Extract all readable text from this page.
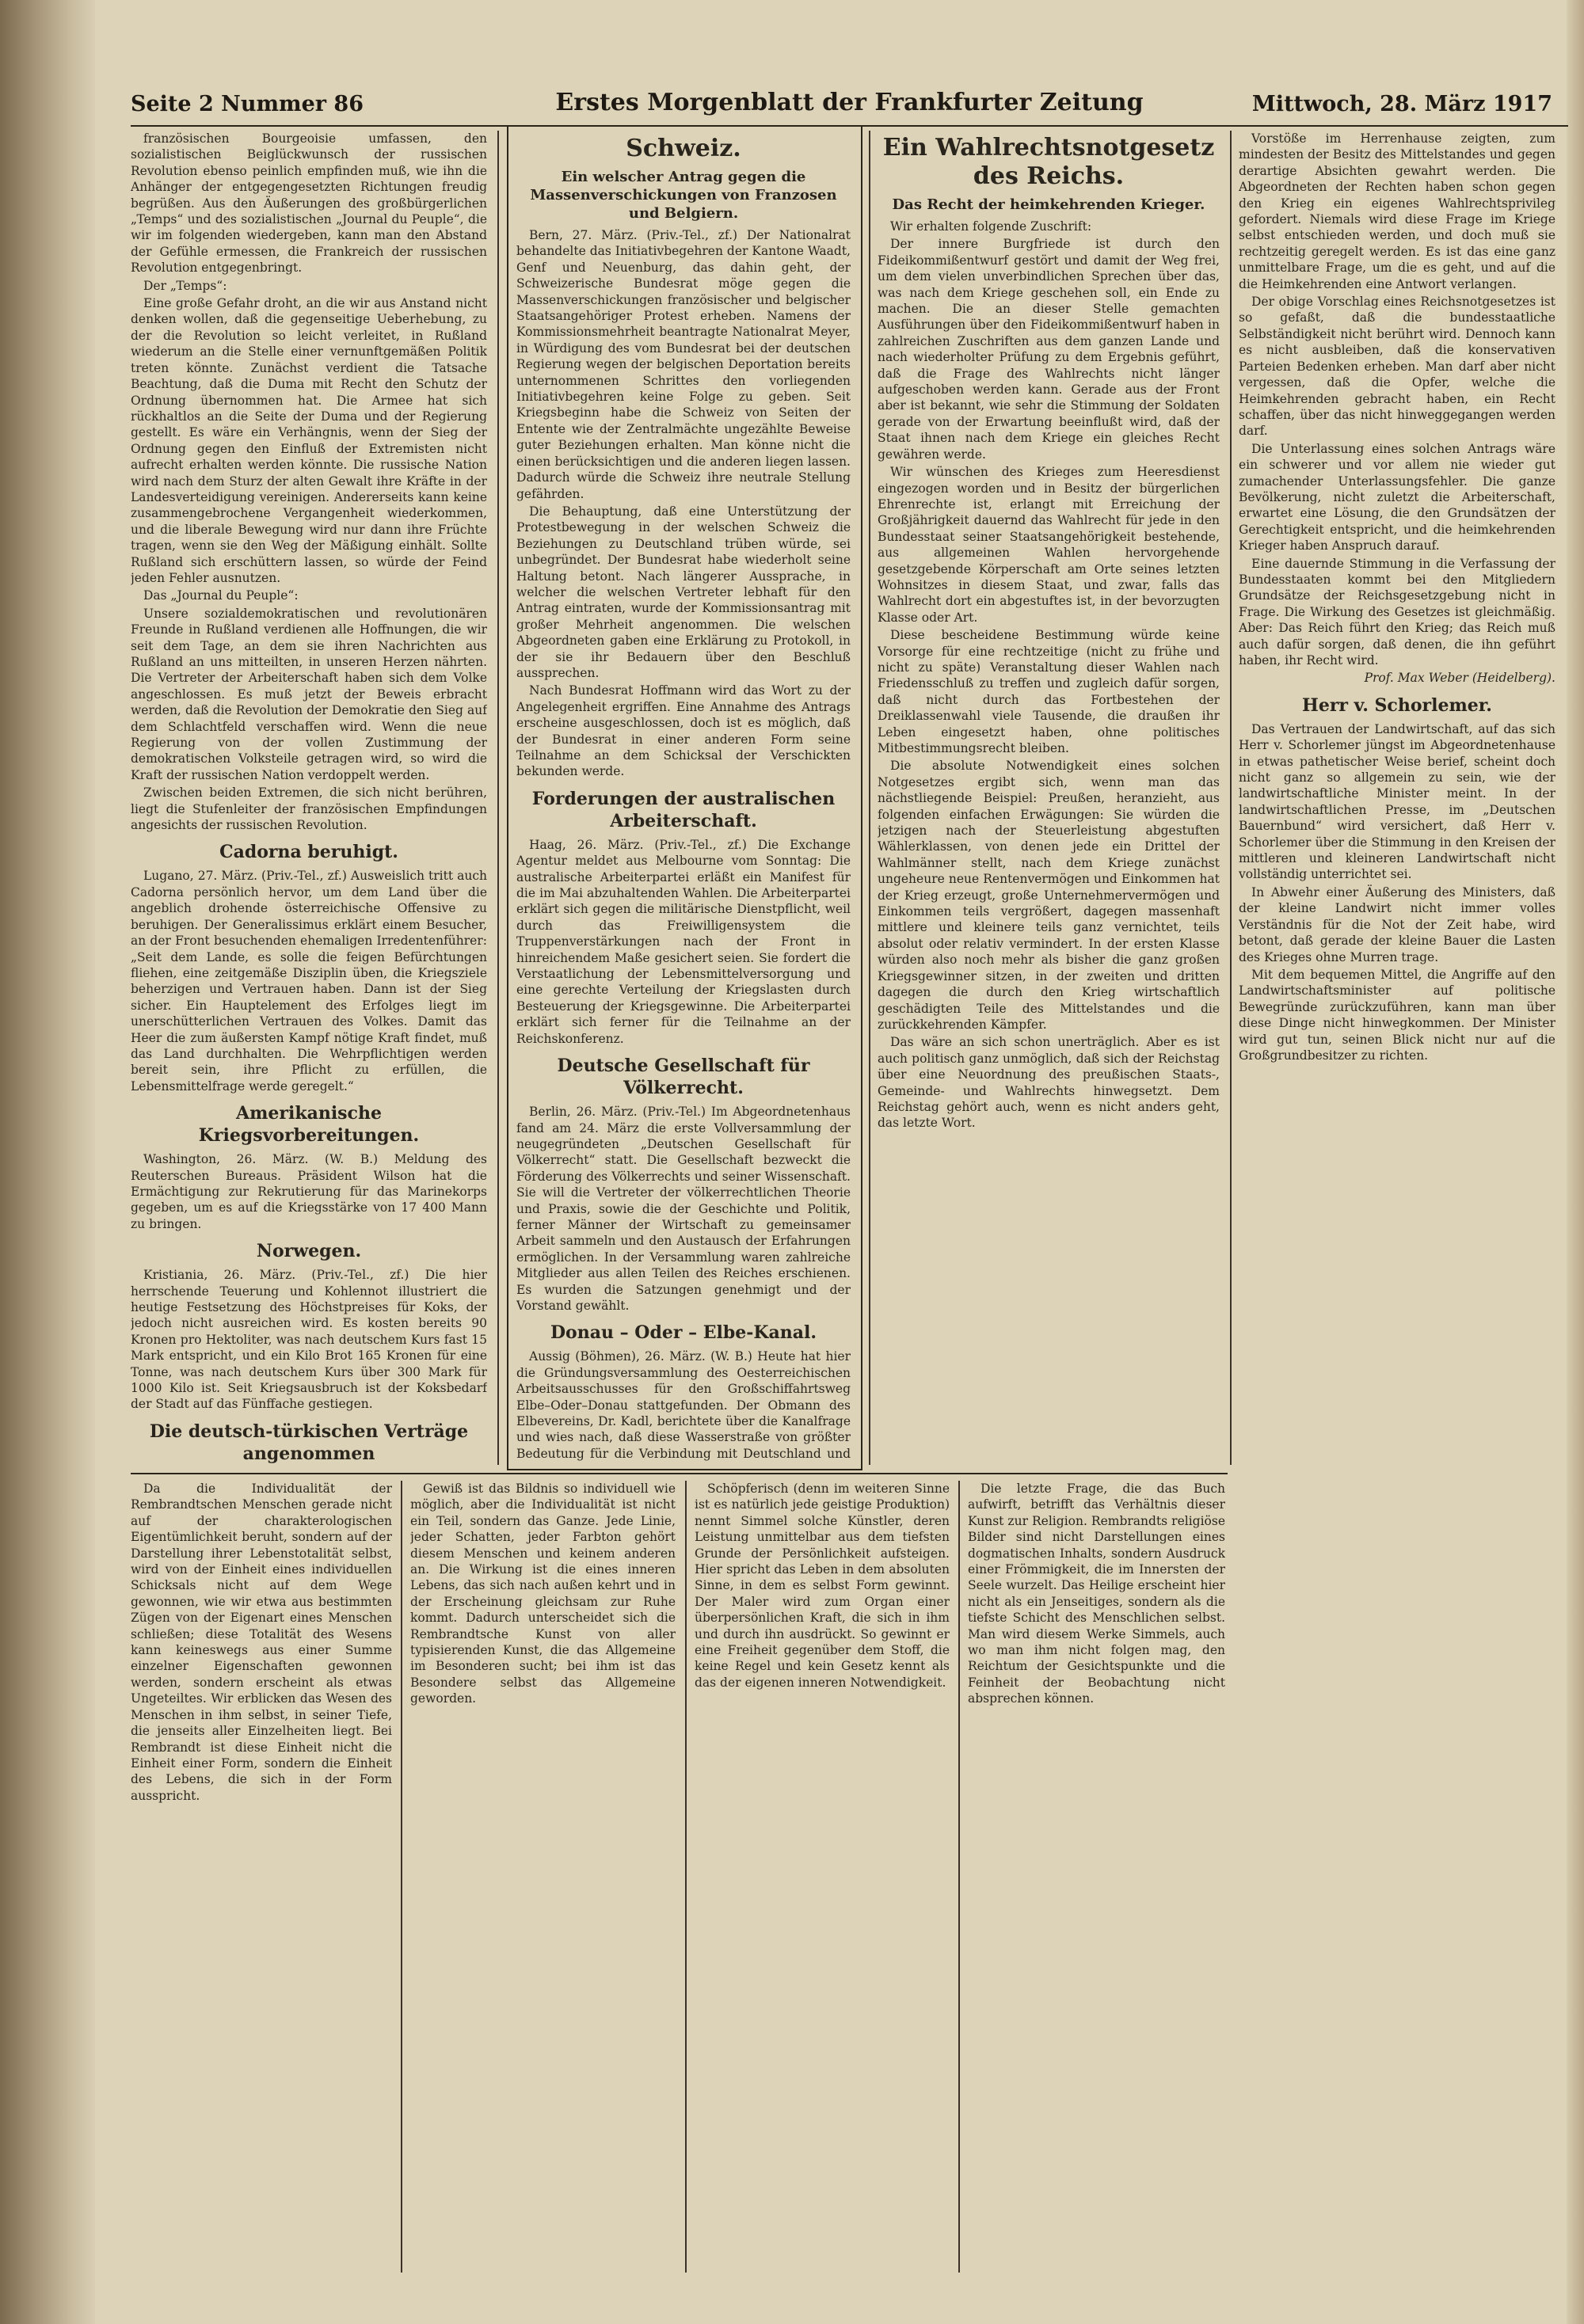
Seite 2 Nummer 86	Erstes Morgenblatt der Frankfurter Zeitung	Mittwoch, 28. März 1917

französischen Bourgeoisie umfassen, den sozialistischen Beiglückwunsch der russischen Revolution ebenso peinlich empfinden muß, wie ihn die Anhänger der entgegengesetzten Richtungen freudig begrüßen. Aus den Äußerungen des großbürgerlichen „Temps“ und des sozialistischen „Journal du Peuple“, die wir im folgenden wiedergeben, kann man den Abstand der Gefühle ermessen, die Frankreich der russischen Revolution entgegenbringt.

Der „Temps“:

Eine große Gefahr droht, an die wir aus Anstand nicht denken wollen, daß die gegenseitige Ueberhebung, zu der die Revolution so leicht verleitet, in Rußland wiederum an die Stelle einer vernunftgemäßen Politik treten könnte. Zunächst verdient die Tatsache Beachtung, daß die Duma mit Recht den Schutz der Ordnung übernommen hat. Die Armee hat sich rückhaltlos an die Seite der Duma und der Regierung gestellt. Es wäre ein Verhängnis, wenn der Sieg der Ordnung gegen den Einfluß der Extremisten nicht aufrecht erhalten werden könnte. Die russische Nation wird nach dem Sturz der alten Gewalt ihre Kräfte in der Landesverteidigung vereinigen. Andererseits kann keine zusammengebrochene Vergangenheit wiederkommen, und die liberale Bewegung wird nur dann ihre Früchte tragen, wenn sie den Weg der Mäßigung einhält. Sollte Rußland sich erschüttern lassen, so würde der Feind jeden Fehler ausnutzen.

Das „Journal du Peuple“:

Unsere sozialdemokratischen und revolutionären Freunde in Rußland verdienen alle Hoffnungen, die wir seit dem Tage, an dem sie ihren Nachrichten aus Rußland an uns mitteilten, in unseren Herzen nährten. Die Vertreter der Arbeiterschaft haben sich dem Volke angeschlossen. Es muß jetzt der Beweis erbracht werden, daß die Revolution der Demokratie den Sieg auf dem Schlachtfeld verschaffen wird. Wenn die neue Regierung von der vollen Zustimmung der demokratischen Volksteile getragen wird, so wird die Kraft der russischen Nation verdoppelt werden.

Zwischen beiden Extremen, die sich nicht berühren, liegt die Stufenleiter der französischen Empfindungen angesichts der russischen Revolution.

Cadorna beruhigt.

Lugano, 27. März. (Priv.-Tel., zf.) Ausweislich tritt auch Cadorna persönlich hervor, um dem Land über die angeblich drohende österreichische Offensive zu beruhigen. Der Generalissimus erklärt einem Besucher, an der Front besuchenden ehemaligen Irredentenführer: „Seit dem Lande, es solle die feigen Befürchtungen fliehen, eine zeitgemäße Disziplin üben, die Kriegsziele beherzigen und Vertrauen haben. Dann ist der Sieg sicher. Ein Hauptelement des Erfolges liegt im unerschütterlichen Vertrauen des Volkes. Damit das Heer die zum äußersten Kampf nötige Kraft findet, muß das Land durchhalten. Die Wehrpflichtigen werden bereit sein, ihre Pflicht zu erfüllen, die Lebensmittelfrage werde geregelt.“

Amerikanische Kriegsvorbereitungen.

Washington, 26. März. (W. B.) Meldung des Reuterschen Bureaus. Präsident Wilson hat die Ermächtigung zur Rekrutierung für das Marinekorps gegeben, um es auf die Kriegsstärke von 17 400 Mann zu bringen.

Norwegen.

Kristiania, 26. März. (Priv.-Tel., zf.) Die hier herrschende Teuerung und Kohlennot illustriert die heutige Festsetzung des Höchstpreises für Koks, der jedoch nicht ausreichen wird. Es kosten bereits 90 Kronen pro Hektoliter, was nach deutschem Kurs fast 15 Mark entspricht, und ein Kilo Brot 165 Kronen für eine Tonne, was nach deutschem Kurs über 300 Mark für 1000 Kilo ist. Seit Kriegsausbruch ist der Koksbedarf der Stadt auf das Fünffache gestiegen.

Die deutsch-türkischen Verträge angenommen

Schweiz.
Ein welscher Antrag gegen die Massenverschickungen von Franzosen und Belgiern.

Bern, 27. März. (Priv.-Tel., zf.) Der Nationalrat behandelte das Initiativbegehren der Kantone Waadt, Genf und Neuenburg, das dahin geht, der Schweizerische Bundesrat möge gegen die Massenverschickungen französischer und belgischer Staatsangehöriger Protest erheben. Namens der Kommissionsmehrheit beantragte Nationalrat Meyer, in Würdigung des vom Bundesrat bei der deutschen Regierung wegen der belgischen Deportation bereits unternommenen Schrittes den vorliegenden Initiativbegehren keine Folge zu geben. Seit Kriegsbeginn habe die Schweiz von Seiten der Entente wie der Zentralmächte ungezählte Beweise guter Beziehungen erhalten. Man könne nicht die einen berücksichtigen und die anderen liegen lassen. Dadurch würde die Schweiz ihre neutrale Stellung gefährden.

Die Behauptung, daß eine Unterstützung der Protestbewegung in der welschen Schweiz die Beziehungen zu Deutschland trüben würde, sei unbegründet. Der Bundesrat habe wiederholt seine Haltung betont. Nach längerer Aussprache, in welcher die welschen Vertreter lebhaft für den Antrag eintraten, wurde der Kommissionsantrag mit großer Mehrheit angenommen. Die welschen Abgeordneten gaben eine Erklärung zu Protokoll, in der sie ihr Bedauern über den Beschluß aussprechen.

Nach Bundesrat Hoffmann wird das Wort zu der Angelegenheit ergriffen. Eine Annahme des Antrags erscheine ausgeschlossen, doch ist es möglich, daß der Bundesrat in einer anderen Form seine Teilnahme an dem Schicksal der Verschickten bekunden werde.

Forderungen der australischen Arbeiterschaft.

Haag, 26. März. (Priv.-Tel., zf.) Die Exchange Agentur meldet aus Melbourne vom Sonntag: Die australische Arbeiterpartei erläßt ein Manifest für die im Mai abzuhaltenden Wahlen. Die Arbeiterpartei erklärt sich gegen die militärische Dienstpflicht, weil durch das Freiwilligensystem die Truppenverstärkungen nach der Front in hinreichendem Maße gesichert seien. Sie fordert die Verstaatlichung der Lebensmittelversorgung und eine gerechte Verteilung der Kriegslasten durch Besteuerung der Kriegsgewinne. Die Arbeiterpartei erklärt sich ferner für die Teilnahme an der Reichskonferenz.

Deutsche Gesellschaft für Völkerrecht.

Berlin, 26. März. (Priv.-Tel.) Im Abgeordnetenhaus fand am 24. März die erste Vollversammlung der neugegründeten „Deutschen Gesellschaft für Völkerrecht“ statt. Die Gesellschaft bezweckt die Förderung des Völkerrechts und seiner Wissenschaft. Sie will die Vertreter der völkerrechtlichen Theorie und Praxis, sowie die der Geschichte und Politik, ferner Männer der Wirtschaft zu gemeinsamer Arbeit sammeln und den Austausch der Erfahrungen ermöglichen. In der Versammlung waren zahlreiche Mitglieder aus allen Teilen des Reiches erschienen. Es wurden die Satzungen genehmigt und der Vorstand gewählt.

Donau – Oder – Elbe-Kanal.

Aussig (Böhmen), 26. März. (W. B.) Heute hat hier die Gründungsversammlung des Oesterreichischen Arbeitsausschusses für den Großschiffahrtsweg Elbe–Oder–Donau stattgefunden. Der Obmann des Elbevereins, Dr. Kadl, berichtete über die Kanalfrage und wies nach, daß diese Wasserstraße von größter Bedeutung für die Verbindung mit Deutschland und

Ein Wahlrechtsnotgesetz des Reichs.
Das Recht der heimkehrenden Krieger.

Wir erhalten folgende Zuschrift:

Der innere Burgfriede ist durch den Fideikommißentwurf gestört und damit der Weg frei, um dem vielen unverbindlichen Sprechen über das, was nach dem Kriege geschehen soll, ein Ende zu machen. Die an dieser Stelle gemachten Ausführungen über den Fideikommißentwurf haben in zahlreichen Zuschriften aus dem ganzen Lande und nach wiederholter Prüfung zu dem Ergebnis geführt, daß die Frage des Wahlrechts nicht länger aufgeschoben werden kann. Gerade aus der Front aber ist bekannt, wie sehr die Stimmung der Soldaten gerade von der Erwartung beeinflußt wird, daß der Staat ihnen nach dem Kriege ein gleiches Recht gewähren werde.

Wir wünschen des Krieges zum Heeresdienst eingezogen worden und in Besitz der bürgerlichen Ehrenrechte ist, erlangt mit Erreichung der Großjährigkeit dauernd das Wahlrecht für jede in den Bundesstaat seiner Staatsangehörigkeit bestehende, aus allgemeinen Wahlen hervorgehende gesetzgebende Körperschaft am Orte seines letzten Wohnsitzes in diesem Staat, und zwar, falls das Wahlrecht dort ein abgestuftes ist, in der bevorzugten Klasse oder Art.

Diese bescheidene Bestimmung würde keine Vorsorge für eine rechtzeitige (nicht zu frühe und nicht zu späte) Veranstaltung dieser Wahlen nach Friedensschluß zu treffen und zugleich dafür sorgen, daß nicht durch das Fortbestehen der Dreiklassenwahl viele Tausende, die draußen ihr Leben eingesetzt haben, ohne politisches Mitbestimmungsrecht bleiben.

Die absolute Notwendigkeit eines solchen Notgesetzes ergibt sich, wenn man das nächstliegende Beispiel: Preußen, heranzieht, aus folgenden einfachen Erwägungen: Sie würden die jetzigen nach der Steuerleistung abgestuften Wählerklassen, von denen jede ein Drittel der Wahlmänner stellt, nach dem Kriege zunächst ungeheure neue Rentenvermögen und Einkommen hat der Krieg erzeugt, große Unternehmervermögen und Einkommen teils vergrößert, dagegen massenhaft mittlere und kleinere teils ganz vernichtet, teils absolut oder relativ vermindert. In der ersten Klasse würden also noch mehr als bisher die ganz großen Kriegsgewinner sitzen, in der zweiten und dritten dagegen die durch den Krieg wirtschaftlich geschädigten Teile des Mittelstandes und die zurückkehrenden Kämpfer.

Das wäre an sich schon unerträglich. Aber es ist auch politisch ganz unmöglich, daß sich der Reichstag über eine Neuordnung des preußischen Staats-, Gemeinde- und Wahlrechts hinwegsetzt. Dem Reichstag gehört auch, wenn es nicht anders geht, das letzte Wort.

Vorstöße im Herrenhause zeigten, zum mindesten der Besitz des Mittelstandes und gegen derartige Absichten gewahrt werden. Die Abgeordneten der Rechten haben schon gegen den Krieg ein eigenes Wahlrechtsprivileg gefordert. Niemals wird diese Frage im Kriege selbst entschieden werden, und doch muß sie rechtzeitig geregelt werden. Es ist das eine ganz unmittelbare Frage, um die es geht, und auf die die Heimkehrenden eine Antwort verlangen.

Der obige Vorschlag eines Reichsnotgesetzes ist so gefaßt, daß die bundesstaatliche Selbständigkeit nicht berührt wird. Dennoch kann es nicht ausbleiben, daß die konservativen Parteien Bedenken erheben. Man darf aber nicht vergessen, daß die Opfer, welche die Heimkehrenden gebracht haben, ein Recht schaffen, über das nicht hinweggegangen werden darf.

Die Unterlassung eines solchen Antrags wäre ein schwerer und vor allem nie wieder gut zumachender Unterlassungsfehler. Die ganze Bevölkerung, nicht zuletzt die Arbeiterschaft, erwartet eine Lösung, die den Grundsätzen der Gerechtigkeit entspricht, und die heimkehrenden Krieger haben Anspruch darauf.

Eine dauernde Stimmung in die Verfassung der Bundesstaaten kommt bei den Mitgliedern Grundsätze der Reichsgesetzgebung nicht in Frage. Die Wirkung des Gesetzes ist gleichmäßig. Aber: Das Reich führt den Krieg; das Reich muß auch dafür sorgen, daß denen, die ihn geführt haben, ihr Recht wird.

Prof. Max Weber (Heidelberg).

Herr v. Schorlemer.

Das Vertrauen der Landwirtschaft, auf das sich Herr v. Schorlemer jüngst im Abgeordnetenhause in etwas pathetischer Weise berief, scheint doch nicht ganz so allgemein zu sein, wie der landwirtschaftliche Minister meint. In der landwirtschaftlichen Presse, im „Deutschen Bauernbund“ wird versichert, daß Herr v. Schorlemer über die Stimmung in den Kreisen der mittleren und kleineren Landwirtschaft nicht vollständig unterrichtet sei.

In Abwehr einer Äußerung des Ministers, daß der kleine Landwirt nicht immer volles Verständnis für die Not der Zeit habe, wird betont, daß gerade der kleine Bauer die Lasten des Krieges ohne Murren trage.

Mit dem bequemen Mittel, die Angriffe auf den Landwirtschaftsminister auf politische Bewegründe zurückzuführen, kann man über diese Dinge nicht hinwegkommen. Der Minister wird gut tun, seinen Blick nicht nur auf die Großgrundbesitzer zu richten.

Da die Individualität der Rembrandtschen Menschen gerade nicht auf der charakterologischen Eigentümlichkeit beruht, sondern auf der Darstellung ihrer Lebenstotalität selbst, wird von der Einheit eines individuellen Schicksals nicht auf dem Wege gewonnen, wie wir etwa aus bestimmten Zügen von der Eigenart eines Menschen schließen; diese Totalität des Wesens kann keineswegs aus einer Summe einzelner Eigenschaften gewonnen werden, sondern erscheint als etwas Ungeteiltes. Wir erblicken das Wesen des Menschen in ihm selbst, in seiner Tiefe, die jenseits aller Einzelheiten liegt. Bei Rembrandt ist diese Einheit nicht die Einheit einer Form, sondern die Einheit des Lebens, die sich in der Form ausspricht.

Gewiß ist das Bildnis so individuell wie möglich, aber die Individualität ist nicht ein Teil, sondern das Ganze. Jede Linie, jeder Schatten, jeder Farbton gehört diesem Menschen und keinem anderen an. Die Wirkung ist die eines inneren Lebens, das sich nach außen kehrt und in der Erscheinung gleichsam zur Ruhe kommt. Dadurch unterscheidet sich die Rembrandtsche Kunst von aller typisierenden Kunst, die das Allgemeine im Besonderen sucht; bei ihm ist das Besondere selbst das Allgemeine geworden.

Schöpferisch (denn im weiteren Sinne ist es natürlich jede geistige Produktion) nennt Simmel solche Künstler, deren Leistung unmittelbar aus dem tiefsten Grunde der Persönlichkeit aufsteigen. Hier spricht das Leben in dem absoluten Sinne, in dem es selbst Form gewinnt. Der Maler wird zum Organ einer überpersönlichen Kraft, die sich in ihm und durch ihn ausdrückt. So gewinnt er eine Freiheit gegenüber dem Stoff, die keine Regel und kein Gesetz kennt als das der eigenen inneren Notwendigkeit.

Die letzte Frage, die das Buch aufwirft, betrifft das Verhältnis dieser Kunst zur Religion. Rembrandts religiöse Bilder sind nicht Darstellungen eines dogmatischen Inhalts, sondern Ausdruck einer Frömmigkeit, die im Innersten der Seele wurzelt. Das Heilige erscheint hier nicht als ein Jenseitiges, sondern als die tiefste Schicht des Menschlichen selbst. Man wird diesem Werke Simmels, auch wo man ihm nicht folgen mag, den Reichtum der Gesichtspunkte und die Feinheit der Beobachtung nicht absprechen können.
